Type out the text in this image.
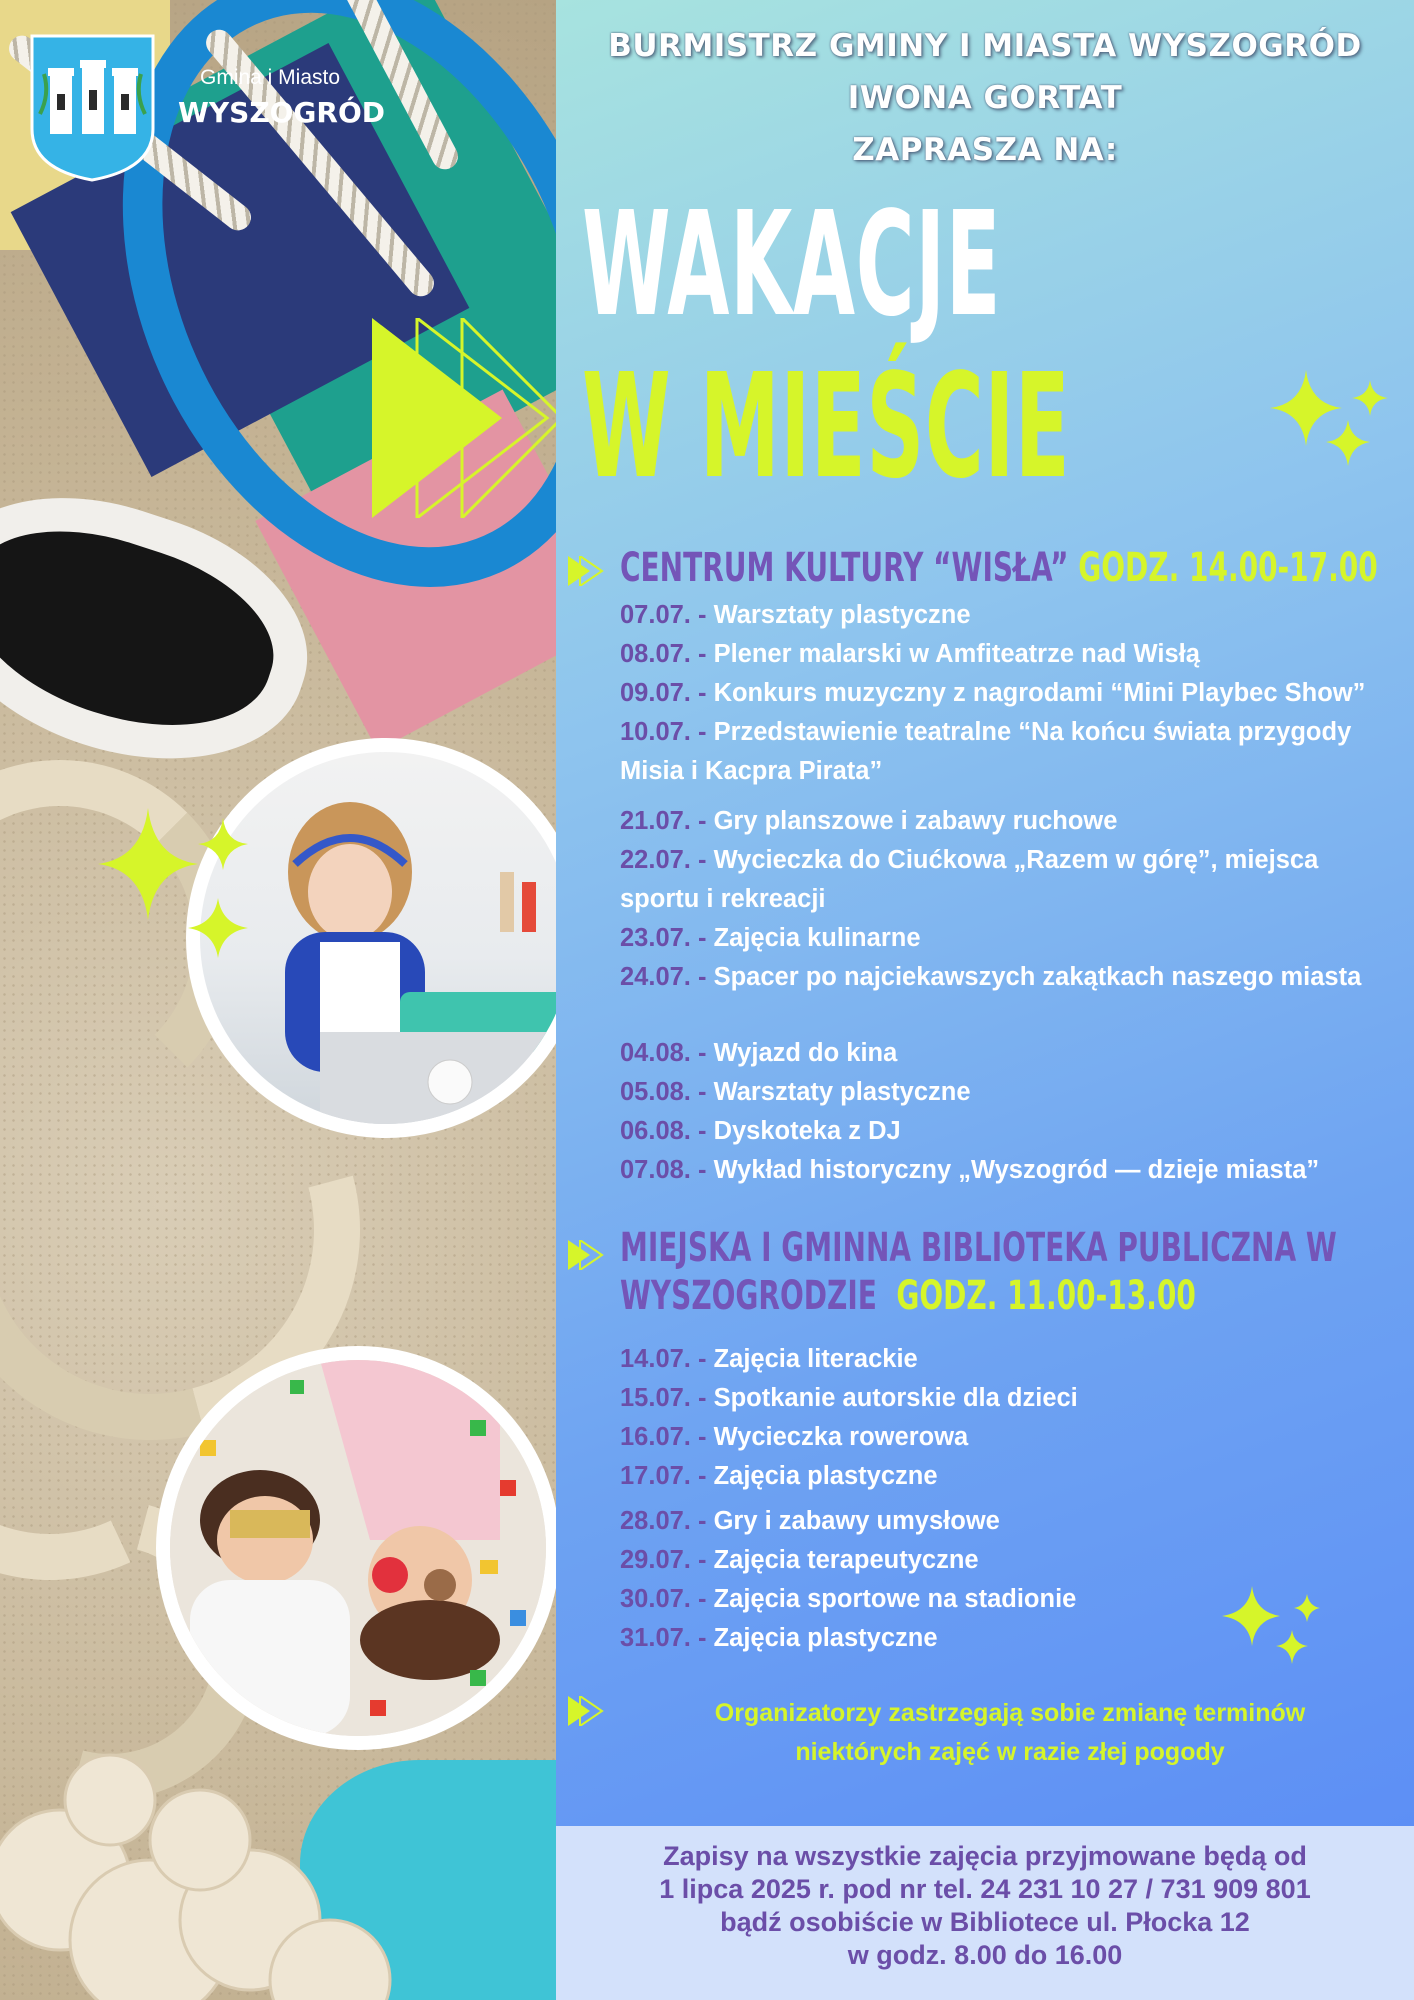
Gmina i Miasto
WYSZOGRÓD
BURMISTRZ GMINY I MIASTA WYSZOGRÓD
IWONA GORTAT
ZAPRASZA NA:
WAKACJE
W MIEŚCIE
CENTRUM KULTURY “WISŁA” GODZ. 14.00-17.00
07.07. - Warsztaty plastyczne
08.07. - Plener malarski w Amfiteatrze nad Wisłą
09.07. - Konkurs muzyczny z nagrodami “Mini Playbec Show”
10.07. - Przedstawienie teatralne “Na końcu świata przygody
Misia i Kacpra Pirata”
21.07. - Gry planszowe i zabawy ruchowe
22.07. - Wycieczka do Ciućkowa „Razem w górę”, miejsca
sportu i rekreacji
23.07. - Zajęcia kulinarne
24.07. - Spacer po najciekawszych zakątkach naszego miasta
04.08. - Wyjazd do kina
05.08. - Warsztaty plastyczne
06.08. - Dyskoteka z DJ
07.08. - Wykład historyczny „Wyszogród — dzieje miasta”
MIEJSKA I GMINNA BIBLIOTEKA PUBLICZNA W
WYSZOGRODZIE GODZ. 11.00-13.00
14.07. - Zajęcia literackie
15.07. - Spotkanie autorskie dla dzieci
16.07. - Wycieczka rowerowa
17.07. - Zajęcia plastyczne
28.07. - Gry i zabawy umysłowe
29.07. - Zajęcia terapeutyczne
30.07. - Zajęcia sportowe na stadionie
31.07. - Zajęcia plastyczne
Organizatorzy zastrzegają sobie zmianę terminów
niektórych zajęć w razie złej pogody
Zapisy na wszystkie zajęcia przyjmowane będą od
1 lipca 2025 r. pod nr tel. 24 231 10 27 / 731 909 801
bądź osobiście w Bibliotece ul. Płocka 12
w godz. 8.00 do 16.00
